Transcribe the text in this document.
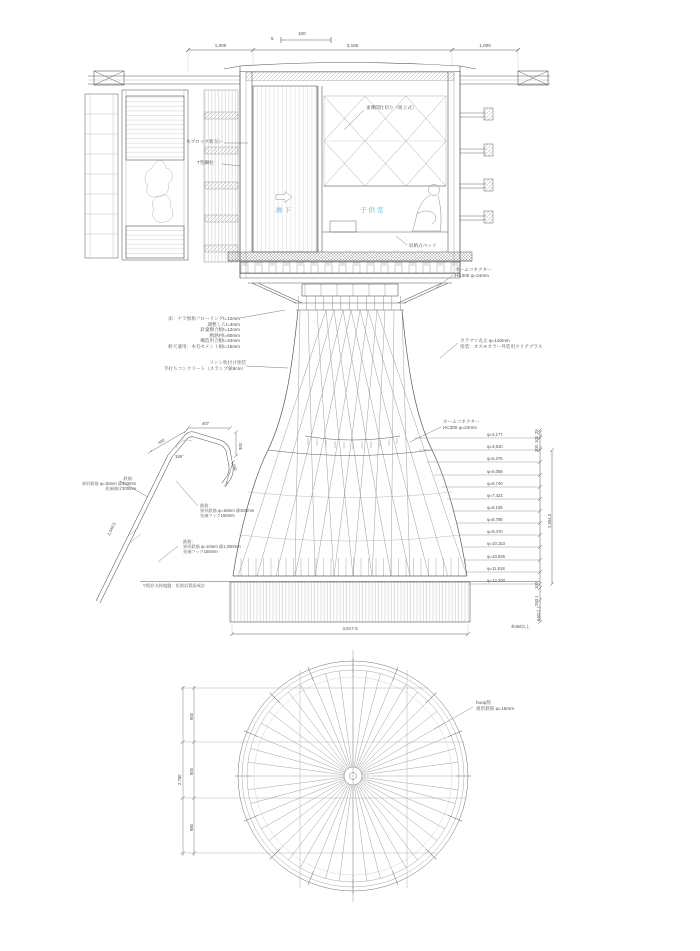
5
100
1,000	3,185	1,000
東側間仕切り（組立式）
木ブロック筋交い
T型鋼柱
廊下	子供室
収納式ベッド
ホームコネクター
HC300 φ=24mm
床：ナラ無垢フローリングt=12mm
調整しろt=3mm
針葉樹合板t=12mm
断熱材t=60mm
構造用合板t=24mm
軒天兼用：木毛セメント板t=15mm
リシン吹付け塗装
手打ちコンクリート（スランプ値8cm）
カラマツ丸太 φ=140mm
塗装：オスモカラー外装用クリアプラス
ホームコネクター
HC300 φ=24mm
φ=3,177
φ=3,910
φ=5,375
φ=6,058
φ=6,740
φ=7,423
φ=8,105
φ=8,788
φ=9,470
φ=10,153
φ=10,836
φ=11,518
φ=12,200
25
100
300
2,954.3
100
293.1
640以上
※40d以上
440
407
300
150
159°
2,349.5
鉄筋：
異形鉄筋 φ=16mm @303mm
先端曲げ300mm
鉄筋：
異形鉄筋 φ=16mm @303mm
先端フック150mm
鉄筋：
異形鉄筋 φ=10mm @1,000mm
先端フック150mm
▽既存支持地盤：花崗岩質深成岩
3,917.5
2,780
900
900
980
hoop筋
異形鉄筋 φ=16mm
